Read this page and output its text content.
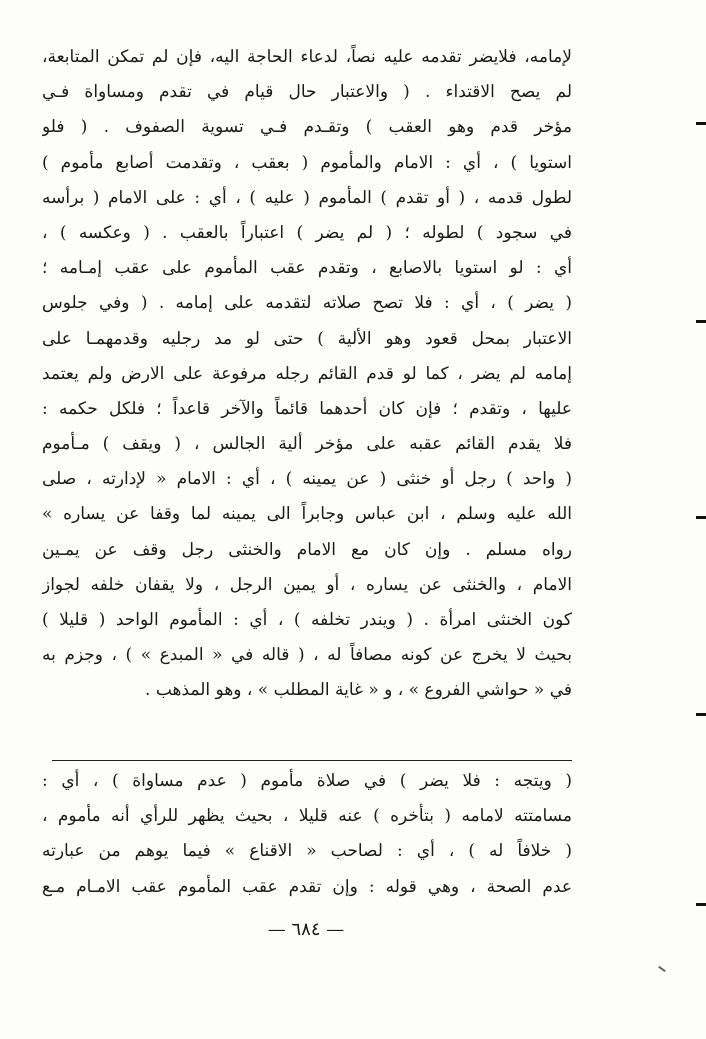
لإمامه، فلايضر تقدمه عليه نصاً، لدعاء الحاجة اليه، فإن لم تمكن المتابعة،
لم يصح الاقتداء . ( والاعتبار حال قيام في تقدم ومساواة فـي
مؤخر قدم وهو العقب ) وتقـدم فـي تسوية الصفوف . ( فلو
استويا ) ، أي : الامام والمأموم ( بعقب ، وتقدمت أصابع مأموم )
لطول قدمه ، ( أو تقدم ) المأموم ( عليه ) ، أي : على الامام ( برأسه
في سجود ) لطوله ؛ ( لم يضر ) اعتباراً بالعقب . ( وعكسه ) ،
أي : لو استويا بالاصابع ، وتقدم عقب المأموم على عقب إمـامه ؛
( يضر ) ، أي : فلا تصح صلاته لتقدمه على إمامه . ( وفي جلوس
الاعتبار بمحل قعود وهو الألية ) حتى لو مد رجليه وقدمهمـا على
إمامه لم يضر ، كما لو قدم القائم رجله مرفوعة على الارض ولم يعتمد
عليها ، وتقدم ؛ فإن كان أحدهما قائماً والآخر قاعداً ؛ فلكل حكمه :
فلا يقدم القائم عقبه على مؤخر ألية الجالس ، ( ويقف ) مـأموم
( واحد ) رجل أو خنثى ( عن يمينه ) ، أي : الامام « لإدارته ، صلى
الله عليه وسلم ، ابن عباس وجابراً الى يمينه لما وقفا عن يساره »
رواه مسلم . وإن كان مع الامام والخنثى رجل وقف عن يمـين
الامام ، والخنثى عن يساره ، أو يمين الرجل ، ولا يقفان خلفه لجواز
كون الخنثى امرأة . ( ويندر تخلفه ) ، أي : المأموم الواحد ( قليلا )
بحيث لا يخرج عن كونه مصافاً له ، ( قاله في « المبدع » ) ، وجزم به
في « حواشي الفروع » ، و « غاية المطلب » ، وهو المذهب .
( ويتجه : فلا يضر ) في صلاة مأموم ( عدم مساواة ) ، أي :
مسامتته لامامه ( بتأخره ) عنه قليلا ، بحيث يظهر للرأي أنه مأموم ،
( خلافاً له ) ، أي : لصاحب « الاقناع » فيما يوهم من عبارته
عدم الصحة ، وهي قوله : وإن تقدم عقب المأموم عقب الامـام مـع
— ٦٨٤ —
